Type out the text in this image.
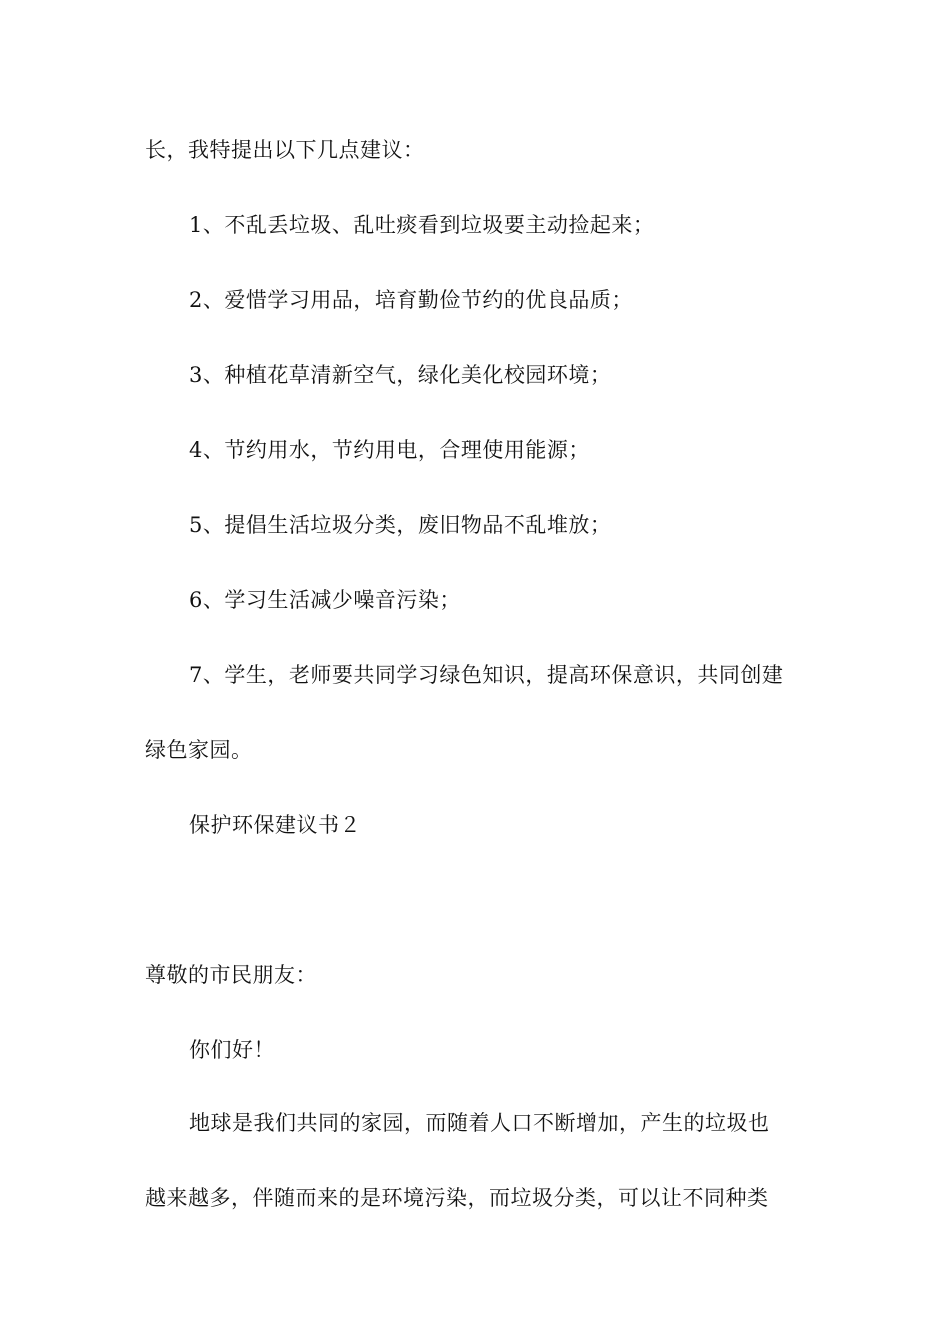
长，我特提出以下几点建议：
1、不乱丢垃圾、乱吐痰看到垃圾要主动捡起来；
2、爱惜学习用品，培育勤俭节约的优良品质；
3、种植花草清新空气，绿化美化校园环境；
4、节约用水，节约用电，合理使用能源；
5、提倡生活垃圾分类，废旧物品不乱堆放；
6、学习生活减少噪音污染；
7、学生，老师要共同学习绿色知识，提高环保意识，共同创建
绿色家园。
保护环保建议书２
尊敬的市民朋友：
你们好！
地球是我们共同的家园，而随着人口不断增加，产生的垃圾也
越来越多，伴随而来的是环境污染，而垃圾分类，可以让不同种类
